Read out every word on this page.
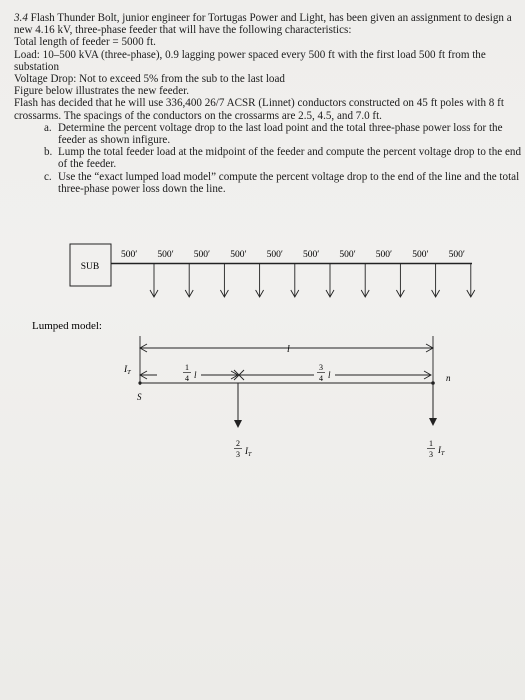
3.4 Flash Thunder Bolt, junior engineer for Tortugas Power and Light, has been given an assignment to design a
new 4.16 kV, three-phase feeder that will have the following characteristics:
Total length of feeder = 5000 ft.
Load: 10–500 kVA (three-phase), 0.9 lagging power spaced every 500 ft with the first load 500 ft from the
substation
Voltage Drop: Not to exceed 5% from the sub to the last load
Figure below illustrates the new feeder.
Flash has decided that he will use 336,400 26/7 ACSR (Linnet) conductors constructed on 45 ft poles with 8 ft
crossarms. The spacings of the conductors on the crossarms are 2.5, 4.5, and 7.0 ft.
a. Determine the percent voltage drop to the last load point and the total three-phase power loss for the
feeder as shown infigure.
b. Lump the total feeder load at the midpoint of the feeder and compute the percent voltage drop to the end
of the feeder.
c. Use the “exact lumped load model” compute the percent voltage drop to the end of the line and the total
three-phase power loss down the line.
SUB
500′ 500′ 500′ 500′ 500′ 500′ 500′ 500′ 500′ 500′
Lumped model:
l
$I_T$
1
4 l
3
4 l
S
n
2
3 $I_T$
1
3 $I_T$
